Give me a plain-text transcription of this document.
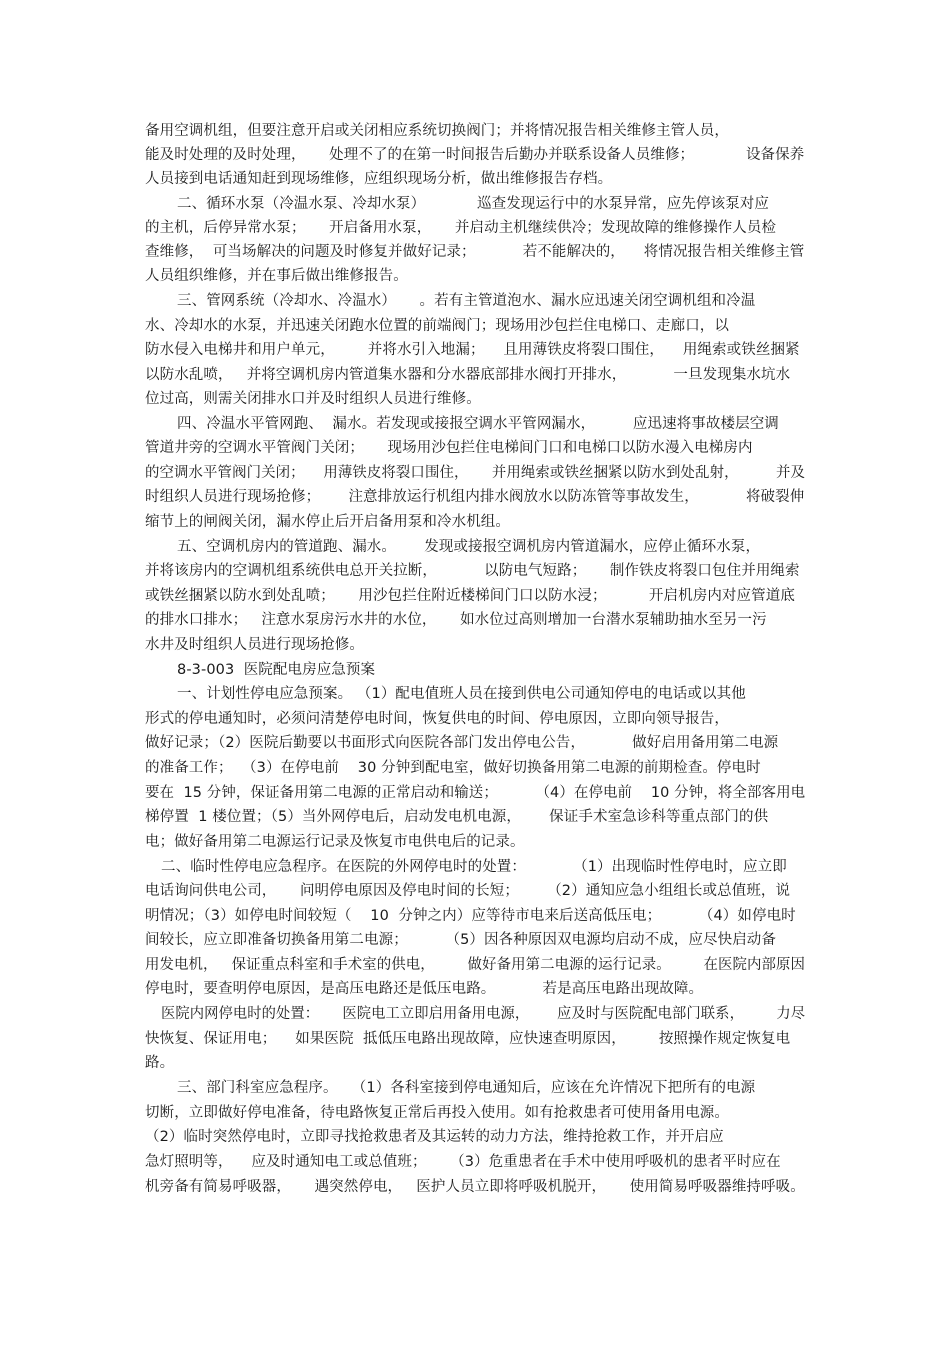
备用空调机组，但要注意开启或关闭相应系统切换阀门；并将情况报告相关维修主管人员，
能及时处理的及时处理，     处理不了的在第一时间报告后勤办并联系设备人员维修；           设备保养
人员接到电话通知赶到现场维修，应组织现场分析，做出维修报告存档。
二、循环水泵（冷温水泵、冷却水泵）           巡查发现运行中的水泵异常，应先停该泵对应
的主机，后停异常水泵；     开启备用水泵，     并启动主机继续供冷；发现故障的维修操作人员检
查维修，  可当场解决的问题及时修复并做好记录；          若不能解决的，    将情况报告相关维修主管
人员组织维修，并在事后做出维修报告。
三、管网系统（冷却水、冷温水）     。若有主管道泡水、漏水应迅速关闭空调机组和冷温
水、冷却水的水泵，并迅速关闭跑水位置的前端阀门；现场用沙包拦住电梯口、走廊口，以
防水侵入电梯井和用户单元，       并将水引入地漏；    且用薄铁皮将裂口围住，    用绳索或铁丝捆紧
以防水乱喷，   并将空调机房内管道集水器和分水器底部排水阀打开排水，          一旦发现集水坑水
位过高，则需关闭排水口并及时组织人员进行维修。
四、冷温水平管网跑、  漏水。若发现或接报空调水平管网漏水，        应迅速将事故楼层空调
管道井旁的空调水平管阀门关闭；     现场用沙包拦住电梯间门口和电梯口以防水漫入电梯房内
的空调水平管阀门关闭；    用薄铁皮将裂口围住，     并用绳索或铁丝捆紧以防水到处乱射，        并及
时组织人员进行现场抢修；      注意排放运行机组内排水阀放水以防冻管等事故发生，          将破裂伸
缩节上的闸阀关闭，漏水停止后开启备用泵和冷水机组。
五、空调机房内的管道跑、漏水。      发现或接报空调机房内管道漏水，应停止循环水泵，
并将该房内的空调机组系统供电总开关拉断，          以防电气短路；     制作铁皮将裂口包住并用绳索
或铁丝捆紧以防水到处乱喷；     用沙包拦住附近楼梯间门口以防水浸；         开启机房内对应管道底
的排水口排水；   注意水泵房污水井的水位，     如水位过高则增加一台潜水泵辅助抽水至另一污
水井及时组织人员进行现场抢修。
8-3-003  医院配电房应急预案
一、计划性停电应急预案。 （1）配电值班人员在接到供电公司通知停电的电话或以其他
形式的停电通知时，必须问清楚停电时间，恢复供电的时间、停电原因，立即向领导报告，
做好记录；（2）医院后勤要以书面形式向医院各部门发出停电公告，          做好启用备用第二电源
的准备工作；  （3）在停电前    30 分钟到配电室，做好切换备用第二电源的前期检查。停电时
要在  15 分钟，保证备用第二电源的正常启动和输送；        （4）在停电前    10 分钟，将全部客用电
梯停置  1 楼位置；（5）当外网停电后，启动发电机电源，      保证手术室急诊科等重点部门的供
电；做好备用第二电源运行记录及恢复市电供电后的记录。
二、临时性停电应急程序。在医院的外网停电时的处置：          （1）出现临时性停电时，应立即
电话询问供电公司，     问明停电原因及停电时间的长短；      （2）通知应急小组组长或总值班，说
明情况；（3）如停电时间较短（    10  分钟之内）应等待市电来后送高低压电；        （4）如停电时
间较长，应立即准备切换备用第二电源；        （5）因各种原因双电源均启动不成，应尽快启动备
用发电机，   保证重点科室和手术室的供电，       做好备用第二电源的运行记录。       在医院内部原因
停电时，要查明停电原因，是高压电路还是低压电路。          若是高压电路出现故障。
医院内网停电时的处置：     医院电工立即启用备用电源，      应及时与医院配电部门联系，       力尽
快恢复、保证用电；    如果医院  抵低压电路出现故障，应快速查明原因，       按照操作规定恢复电
路。
三、部门科室应急程序。   （1）各科室接到停电通知后，应该在允许情况下把所有的电源
切断，立即做好停电准备，待电路恢复正常后再投入使用。如有抢救患者可使用备用电源。
（2）临时突然停电时，立即寻找抢救患者及其运转的动力方法，维持抢救工作，并开启应
急灯照明等，    应及时通知电工或总值班；     （3）危重患者在手术中使用呼吸机的患者平时应在
机旁备有简易呼吸器，     遇突然停电，   医护人员立即将呼吸机脱开，     使用简易呼吸器维持呼吸。
